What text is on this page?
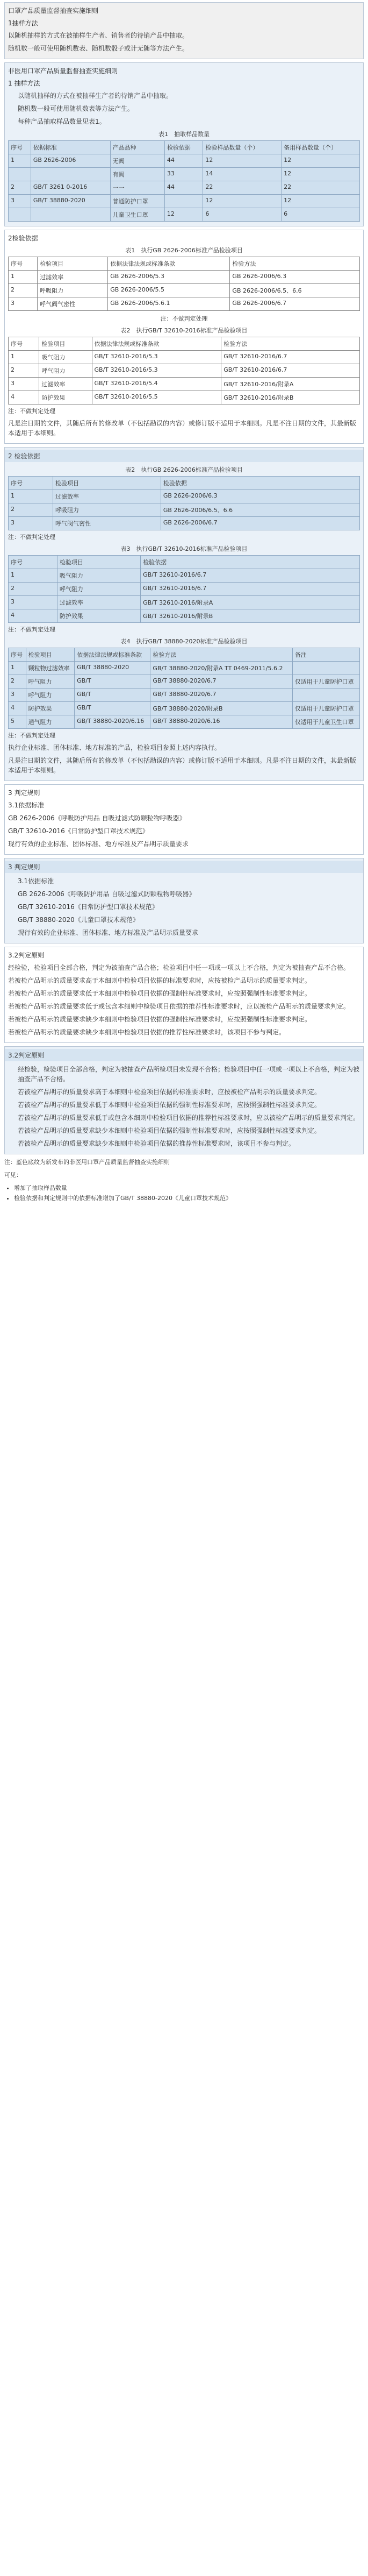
口罩产品质量监督抽查实施细则
1抽样方法

以随机抽样的方式在被抽样生产者、销售者的待销产品中抽取。

随机数一般可使用随机数表、随机数骰子或计无随等方法产生。

非医用口罩产品质量监督抽查实施细则
1 抽样方法

以随机抽样的方式在被抽样生产者的待销产品中抽取。

随机数一般可使用随机数表等方法产生。

每种产品抽取样品数量见表1。

表1　抽取样品数量
序号	依据标准	产品品种	检验依据	检验样品数量（个）	备用样品数量（个）
1	GB 2626-2006	无阀	44	12	12
		有阀	33	14	12
2	GB/T 3261 0-2016	一一	44	22	22
3	GB/T 38880-2020	普通防护口罩		12	12
		儿童卫生口罩	12	6	6
2检验依据
表1　执行GB 2626-2006标准产品检验项目
序号	检验项目	依据法律法规或标准条款	检验方法
1	过滤效率	GB 2626-2006/5.3	GB 2626-2006/6.3
2	呼吸阻力	GB 2626-2006/5.5	GB 2626-2006/6.5、6.6
3	呼气阀气密性	GB 2626-2006/5.6.1	GB 2626-2006/6.7
注：不做判定处理
表2　执行GB/T 32610-2016标准产品检验项目
序号	检验项目	依据法律法规或标准条款	检验方法
1	吸气阻力	GB/T 32610-2016/5.3	GB/T 32610-2016/6.7
2	呼气阻力	GB/T 32610-2016/5.3	GB/T 32610-2016/6.7
3	过滤效率	GB/T 32610-2016/5.4	GB/T 32610-2016/附录A
4	防护效果	GB/T 32610-2016/5.5	GB/T 32610-2016/附录B
注：不做判定处理

凡是注日期的文件，其随后所有的修改单（不包括勘误的内容）或修订版不适用于本细则。凡是不注日期的文件，其最新版本适用于本细则。

2 检验依据
表2　执行GB 2626-2006标准产品检验项目
序号	检验项目	检验依据
1	过滤效率	GB 2626-2006/6.3
2	呼吸阻力	GB 2626-2006/6.5、6.6
3	呼气阀气密性	GB 2626-2006/6.7
注：不做判定处理
表3　执行GB/T 32610-2016标准产品检验项目
序号	检验项目	检验依据
1	吸气阻力	GB/T 32610-2016/6.7
2	呼气阻力	GB/T 32610-2016/6.7
3	过滤效率	GB/T 32610-2016/附录A
4	防护效果	GB/T 32610-2016/附录B
注：不做判定处理
表4　执行GB/T 38880-2020标准产品检验项目
序号	检验项目	依据法律法规或标准条款	检验方法	备注
1	颗粒物过滤效率	GB/T 38880-2020	GB/T 38880-2020/附录A TT 0469-2011/5.6.2	
2	呼气阻力	GB/T	GB/T 38880-2020/6.7	仅适用于儿童防护口罩
3	呼气阻力	GB/T	GB/T 38880-2020/6.7	
4	防护效果	GB/T	GB/T 38880-2020/附录B	仅适用于儿童防护口罩
5	通气阻力	GB/T 38880-2020/6.16	GB/T 38880-2020/6.16	仅适用于儿童卫生口罩
注：不做判定处理

执行企业标准、团体标准、地方标准的产品，检验项目参照上述内容执行。

凡是注日期的文件，其随后所有的修改单（不包括勘误的内容）或修订版不适用于本细则。凡是不注日期的文件，其最新版本适用于本细则。

3 判定规则

3.1依据标准

GB 2626-2006《呼吸防护用品 自吸过滤式防颗粒物呼吸器》

GB/T 32610-2016《日常防护型口罩技术规范》

现行有效的企业标准、团体标准、地方标准及产品明示质量要求

3 判定规则

3.1依据标准

GB 2626-2006《呼吸防护用品 自吸过滤式防颗粒物呼吸器》

GB/T 32610-2016《日常防护型口罩技术规范》

GB/T 38880-2020《儿童口罩技术规范》

现行有效的企业标准、团体标准、地方标准及产品明示质量要求

3.2判定原则

经检验，检验项目全部合格，判定为被抽查产品合格；检验项目中任一项或一项以上不合格，判定为被抽查产品不合格。

若被检产品明示的质量要求高于本细则中检验项目依据的标准要求时，应按被检产品明示的质量要求判定。

若被检产品明示的质量要求低于本细则中检验项目依据的强制性标准要求时，应按照强制性标准要求判定。

若被检产品明示的质量要求低于或包含本细则中检验项目依据的推荐性标准要求时，应以被检产品明示的质量要求判定。

若被检产品明示的质量要求缺少本细则中检验项目依据的强制性标准要求时，应按照强制性标准要求判定。

若被检产品明示的质量要求缺少本细则中检验项目依据的推荐性标准要求时，该项目不参与判定。

3.2判定原则

经检验，检验项目全部合格，判定为被抽查产品所检项目未发现不合格；检验项目中任一项或一项以上不合格，判定为被抽查产品不合格。

若被检产品明示的质量要求高于本细则中检验项目依据的标准要求时，应按被检产品明示的质量要求判定。

若被检产品明示的质量要求低于本细则中检验项目依据的强制性标准要求时，应按照强制性标准要求判定。

若被检产品明示的质量要求低于或包含本细则中检验项目依据的推荐性标准要求时，应以被检产品明示的质量要求判定。

若被检产品明示的质量要求缺少本细则中检验项目依据的强制性标准要求时，应按照强制性标准要求判定。

若被检产品明示的质量要求缺少本细则中检验项目依据的推荐性标准要求时，该项目不参与判定。

注：蓝色底纹为新发布的非医用口罩产品质量监督抽查实施细则

可见：

• 增加了抽取样品数量
• 检验依据和判定规则中的依据标准增加了GB/T 38880-2020《儿童口罩技术规范》
